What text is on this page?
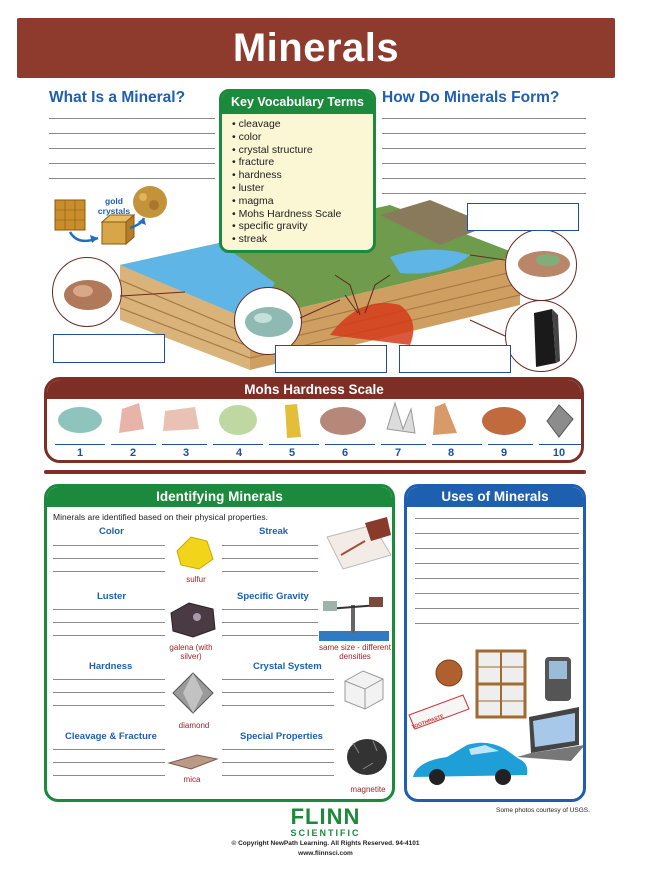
Minerals
What Is a Mineral?
gold crystals
Key Vocabulary Terms
• cleavage
• color
• crystal structure
• fracture
• hardness
• luster
• magma
• Mohs Hardness Scale
• specific gravity
• streak
How Do Minerals Form?
Mohs Hardness Scale
1	2	3	4	5	6	7	8	9	10
Identifying Minerals
Minerals are identified based on their physical properties.
Color
sulfur
Streak
Luster
galena (with silver)
Specific Gravity
same size - different densities
Hardness
diamond
Crystal System
Cleavage & Fracture
mica
Special Properties
magnetite
Uses of Minerals
TOOTHPASTE
Some photos courtesy of USGS.
FLINN
SCIENTIFIC
© Copyright NewPath Learning. All Rights Reserved. 94-4101
www.flinnsci.com
